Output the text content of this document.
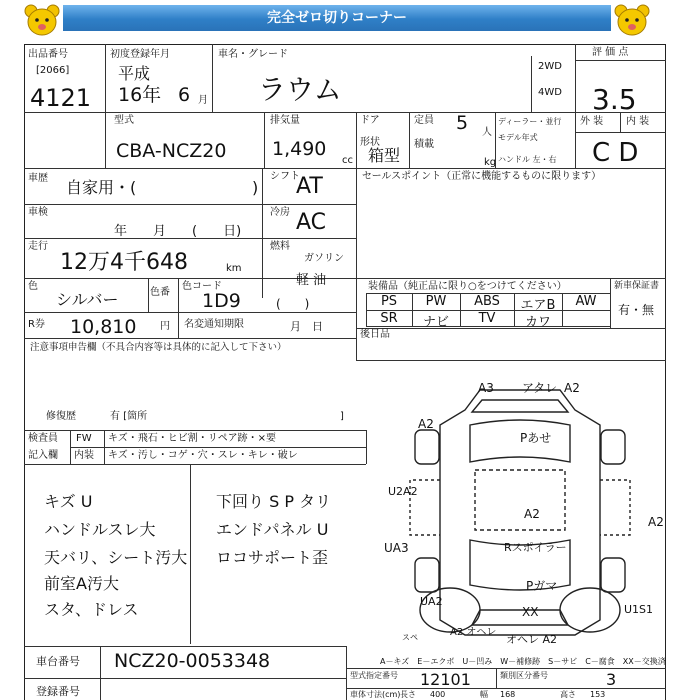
完全ゼロ切りコーナー
出品番号
[2066]
4121
初度登録年月
平成
16年 6 月
車名・グレード
ラウム
2WD
4WD
評 価 点
3.5
型式
CBA-NCZ20
排気量
1,490
cc
ドア	定員 5 人
形状
箱型
積載
kg
ディーラー・並行
モデル年式
ハンドル 左・右
外 装 内 装
C D
車歴 自家用・(	)
車検
年　　月　　(　　日)
走行
12万4千648	km
色
シルバー	色番
色コード
1D9
R券 10,810 円 名変通知期限	月　日
シフト
AT
冷房 AC
燃料
ガソリン
軽 油
(　　)
セールスポイント（正常に機能するものに限ります）
装備品（純正品に限り○をつけてください）	新車保証書
有・無
PS	PW	ABS	エアB	AW
SR	ナビ	TV	カワ
後日品
注意事項申告欄（不具合内容等は具体的に記入して下さい）
修復歴	有 [箇所	]
検査員
記入欄
FW キズ・飛石・ヒビ割・リペア跡・×要
内装 キズ・汚し・コゲ・穴・スレ・キレ・破レ
キズ U
ハンドルスレ大
天バリ、シート汚大
前室A汚大
スタ、ドレス
下回り S P タリ
エンドパネル U
ロコサポート歪
A3 アタレ A2
A2
Pあせ
U2A2
A2
A2
UA3	Rスポイラー
Pガマ
XX
UA2
U1S1
A2 オヘレ
オヘレ A2
スペ
A－キズ　E－エクボ　U－凹み　W－補修跡　S－サビ　C－腐食　XX－交換済
車台番号 NCZ20-0053348
登録番号
型式指定番号 12101	類別区分番号	3
車体寸法(cm) 長さ 400	幅 168	高さ 153
